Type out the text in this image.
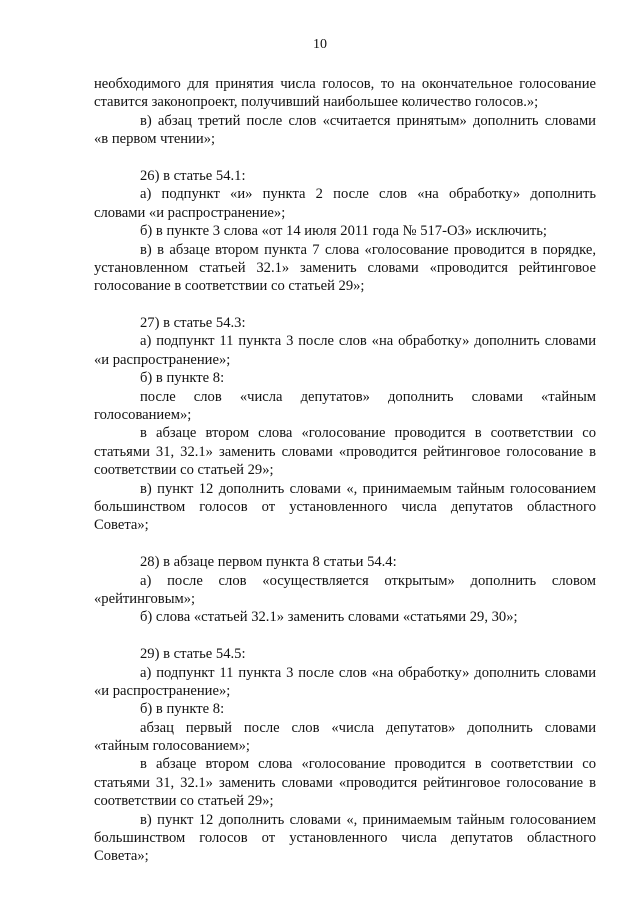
10
необходимого для принятия числа голосов, то на окончательное голосование
ставится законопроект, получивший наибольшее количество голосов.»;
в) абзац третий после слов «считается принятым» дополнить словами
«в первом чтении»;
26) в статье 54.1:
а) подпункт «и» пункта 2 после слов «на обработку» дополнить
словами «и распространение»;
б) в пункте 3 слова «от 14 июля 2011 года № 517-ОЗ» исключить;
в) в абзаце втором пункта 7 слова «голосование проводится в порядке,
установленном статьей 32.1» заменить словами «проводится рейтинговое
голосование в соответствии со статьей 29»;
27) в статье 54.3:
а) подпункт 11 пункта 3 после слов «на обработку» дополнить словами
«и распространение»;
б) в пункте 8:
после слов «числа депутатов» дополнить словами «тайным
голосованием»;
в абзаце втором слова «голосование проводится в соответствии со
статьями 31, 32.1» заменить словами «проводится рейтинговое голосование в
соответствии со статьей 29»;
в) пункт 12 дополнить словами «, принимаемым тайным голосованием
большинством голосов от установленного числа депутатов областного
Совета»;
28) в абзаце первом пункта 8 статьи 54.4:
а) после слов «осуществляется открытым» дополнить словом
«рейтинговым»;
б) слова «статьей 32.1» заменить словами «статьями 29, 30»;
29) в статье 54.5:
а) подпункт 11 пункта 3 после слов «на обработку» дополнить словами
«и распространение»;
б) в пункте 8:
абзац первый после слов «числа депутатов» дополнить словами
«тайным голосованием»;
в абзаце втором слова «голосование проводится в соответствии со
статьями 31, 32.1» заменить словами «проводится рейтинговое голосование в
соответствии со статьей 29»;
в) пункт 12 дополнить словами «, принимаемым тайным голосованием
большинством голосов от установленного числа депутатов областного
Совета»;
